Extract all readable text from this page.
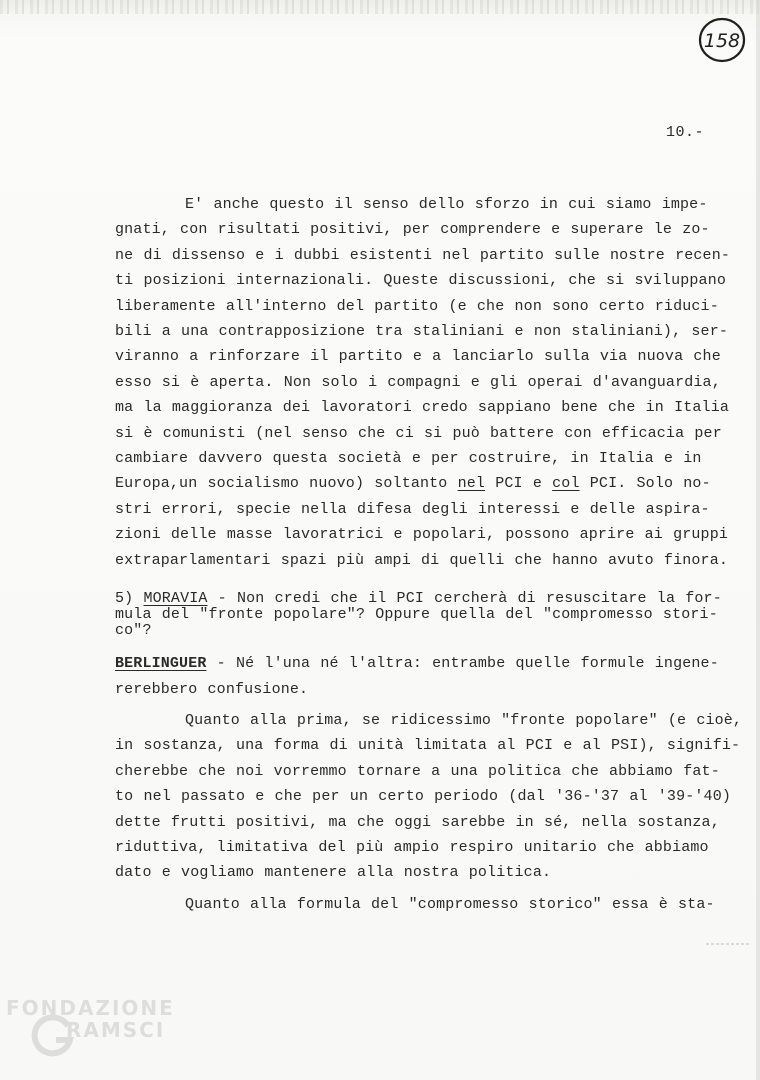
158
10.-
E' anche questo il senso dello sforzo in cui siamo impe-
gnati, con risultati positivi, per comprendere e superare le zo-
ne di dissenso e i dubbi esistenti nel partito sulle nostre recen-
ti posizioni internazionali. Queste discussioni, che si sviluppano
liberamente all'interno del partito (e che non sono certo riduci-
bili a una contrapposizione tra staliniani e non staliniani), ser-
viranno a rinforzare il partito e a lanciarlo sulla via nuova che
esso si è aperta. Non solo i compagni e gli operai d'avanguardia,
ma la maggioranza dei lavoratori credo sappiano bene che in Italia
si è comunisti (nel senso che ci si può battere con efficacia per
cambiare davvero questa società e per costruire, in Italia e in
Europa,un socialismo nuovo) soltanto nel PCI e col PCI. Solo no-
stri errori, specie nella difesa degli interessi e delle aspira-
zioni delle masse lavoratrici e popolari, possono aprire ai gruppi
extraparlamentari spazi più ampi di quelli che hanno avuto finora.
5) MORAVIA - Non credi che il PCI cercherà di resuscitare la for-
mula del "fronte popolare"? Oppure quella del "compromesso stori-
co"?
BERLINGUER - Né l'una né l'altra: entrambe quelle formule ingene-
rerebbero confusione.
Quanto alla prima, se ridicessimo "fronte popolare" (e cioè,
in sostanza, una forma di unità limitata al PCI e al PSI), signifi-
cherebbe che noi vorremmo tornare a una politica che abbiamo fat-
to nel passato e che per un certo periodo (dal '36-'37 al '39-'40)
dette frutti positivi, ma che oggi sarebbe in sé, nella sostanza,
riduttiva, limitativa del più ampio respiro unitario che abbiamo
dato e vogliamo mantenere alla nostra politica.
Quanto alla formula del "compromesso storico" essa è sta-
FONDAZIONE
RAMSCI
